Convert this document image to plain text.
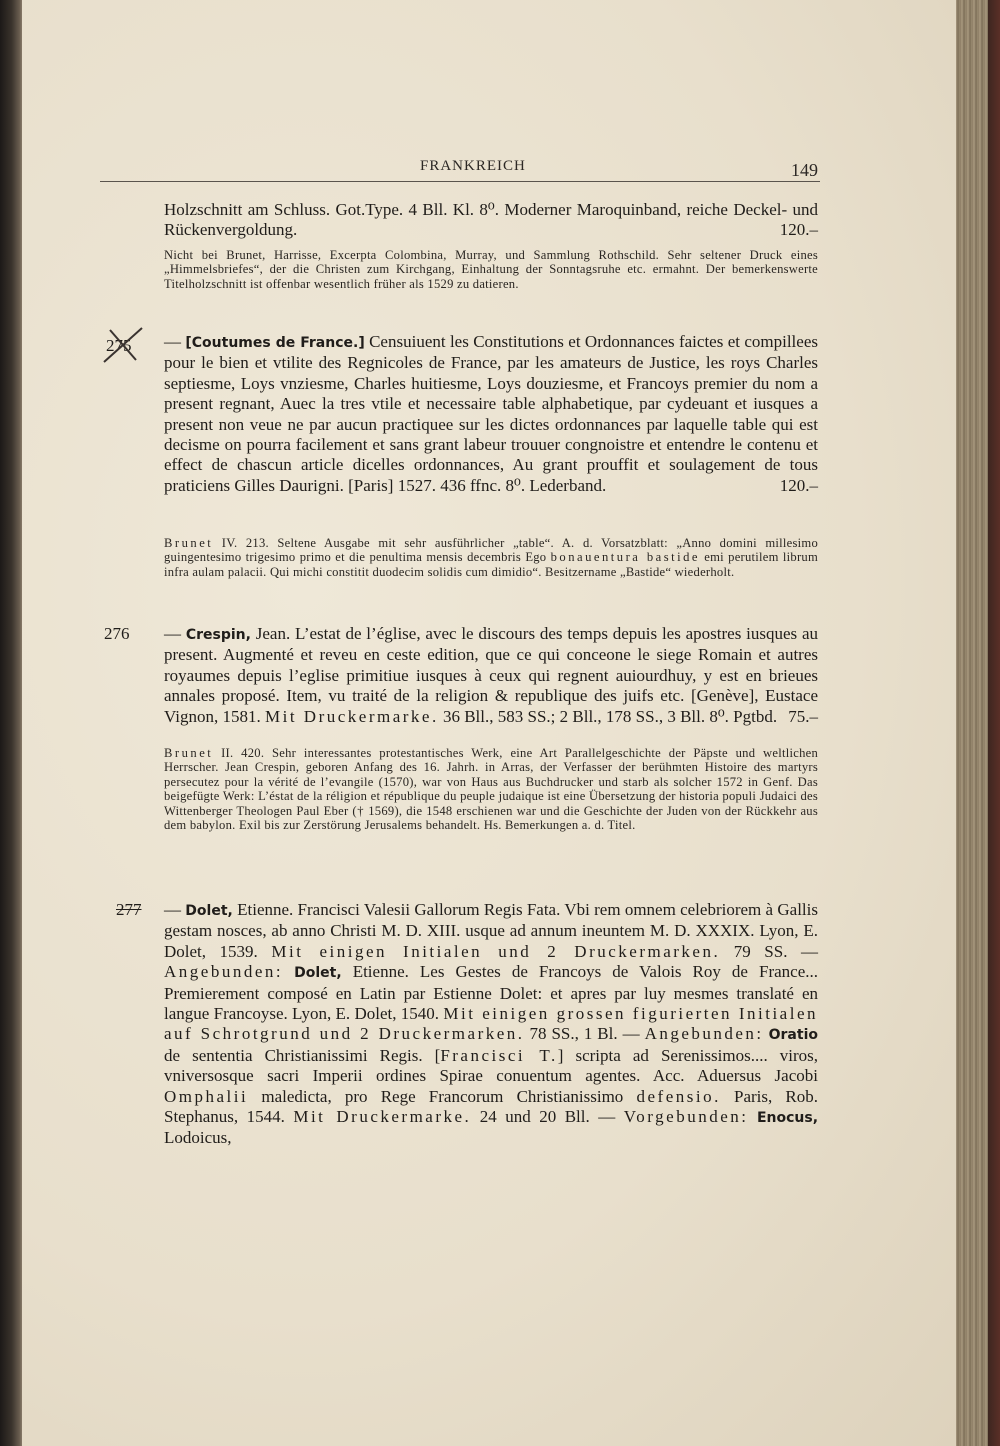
FRANKREICH	149
Holzschnitt am Schluss. Got.Type. 4 Bll. Kl. 8⁰. Moderner Maroquinband, reiche Deckel- und Rückenvergoldung.	120.–
Nicht bei Brunet, Harrisse, Excerpta Colombina, Murray, und Sammlung Rothschild. Sehr seltener Druck eines „Himmelsbriefes“, der die Christen zum Kirchgang, Einhaltung der Sonntagsruhe etc. ermahnt. Der bemerkenswerte Titelholzschnitt ist offenbar wesentlich früher als 1529 zu datieren.
275 — [Coutumes de France.] Censuiuent les Constitutions et Ordonnances faictes et compillees pour le bien et vtilite des Regnicoles de France, par les amateurs de Justice, les roys Charles septiesme, Loys vnziesme, Charles huitiesme, Loys douziesme, et Francoys premier du nom a present regnant, Auec la tres vtile et necessaire table alphabetique, par cydeuant et iusques a present non veue ne par aucun practiquee sur les dictes ordonnances par laquelle table qui est decisme on pourra facilement et sans grant labeur trouuer congnoistre et entendre le contenu et effect de chascun article dicelles ordonnances, Au grant prouffit et soulagement de tous praticiens Gilles Daurigni. [Paris] 1527. 436 ffnc. 8⁰. Lederband.	120.–
Brunet IV. 213. Seltene Ausgabe mit sehr ausführlicher „table“. A. d. Vorsatzblatt: „Anno domini millesimo guingentesimo trigesimo primo et die penultima mensis decembris Ego bonauentura bastide emi perutilem librum infra aulam palacii. Qui michi constitit duodecim solidis cum dimidio“. Besitzername „Bastide“ wiederholt.
276 — Crespin, Jean. L’estat de l’église, avec le discours des temps depuis les apostres iusques au present. Augmenté et reveu en ceste edition, que ce qui conceone le siege Romain et autres royaumes depuis l’eglise primitiue iusques à ceux qui regnent auiourdhuy, y est en brieues annales proposé. Item, vu traité de la religion & republique des juifs etc. [Genève], Eustace Vignon, 1581. Mit Druckermarke. 36 Bll., 583 SS.; 2 Bll., 178 SS., 3 Bll. 8⁰. Pgtbd. 75.–
Brunet II. 420. Sehr interessantes protestantisches Werk, eine Art Parallelgeschichte der Päpste und weltlichen Herrscher. Jean Crespin, geboren Anfang des 16. Jahrh. in Arras, der Verfasser der berühmten Histoire des martyrs persecutez pour la vérité de l’evangile (1570), war von Haus aus Buchdrucker und starb als solcher 1572 in Genf. Das beigefügte Werk: L’éstat de la réligion et république du peuple judaique ist eine Übersetzung der historia populi Judaici des Wittenberger Theologen Paul Eber († 1569), die 1548 erschienen war und die Geschichte der Juden von der Rückkehr aus dem babylon. Exil bis zur Zerstörung Jerusalems behandelt. Hs. Bemerkungen a. d. Titel.
277 — Dolet, Etienne. Francisci Valesii Gallorum Regis Fata. Vbi rem omnem celebriorem à Gallis gestam nosces, ab anno Christi M. D. XIII. usque ad annum ineuntem M. D. XXXIX. Lyon, E. Dolet, 1539. Mit einigen Initialen und 2 Druckermarken. 79 SS. — Angebunden: Dolet, Etienne. Les Gestes de Francoys de Valois Roy de France... Premierement composé en Latin par Estienne Dolet: et apres par luy mesmes translaté en langue Francoyse. Lyon, E. Dolet, 1540. Mit einigen grossen figurierten Initialen auf Schrotgrund und 2 Druckermarken. 78 SS., 1 Bl. — Angebunden: Oratio de sententia Christianissimi Regis. [Francisci T.] scripta ad Serenissimos.... viros, vniversosque sacri Imperii ordines Spirae conuentum agentes. Acc. Aduersus Jacobi Omphalii maledicta, pro Rege Francorum Christianissimo defensio. Paris, Rob. Stephanus, 1544. Mit Druckermarke. 24 und 20 Bll. — Vorgebunden: Enocus, Lodoicus,
